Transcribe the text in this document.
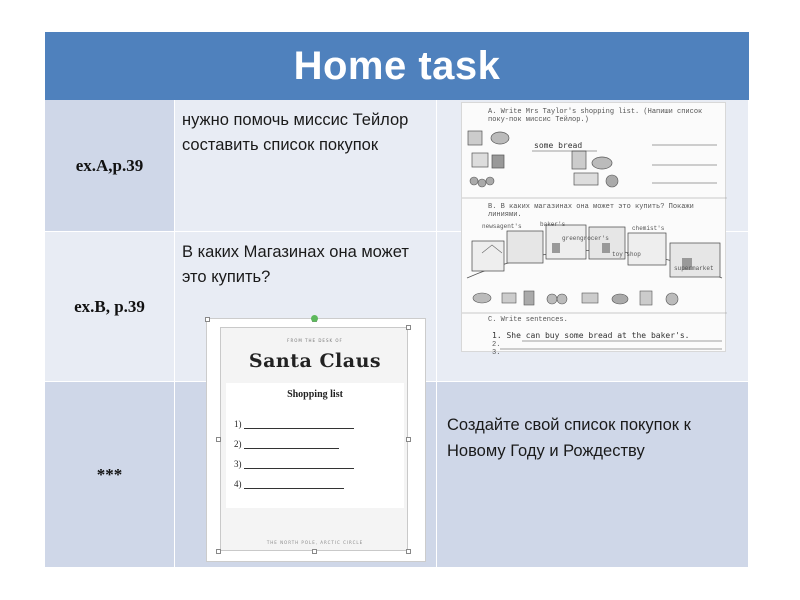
Home task
ex.A,p.39
нужно помочь миссис Тейлор составить список покупок
ex.B, p.39
В каких Магазинах она может это купить?
***
Создайте свой список покупок к Новому Году и Рождеству
A. Write Mrs Taylor's shopping list. (Напиши список поку-пок миссис Тейлор.)
some bread
B. В каких магазинах она может это купить? Покажи линиями.
newsagent's	baker's
chemist's
greengrocer's
toy shop
supermarket
C. Write sentences.
1. She can buy some bread at the baker's.
2.
3.
FROM THE DESK OF
Santa Claus
Shopping list
1)
2)
3)
4)
THE NORTH POLE, ARCTIC CIRCLE
